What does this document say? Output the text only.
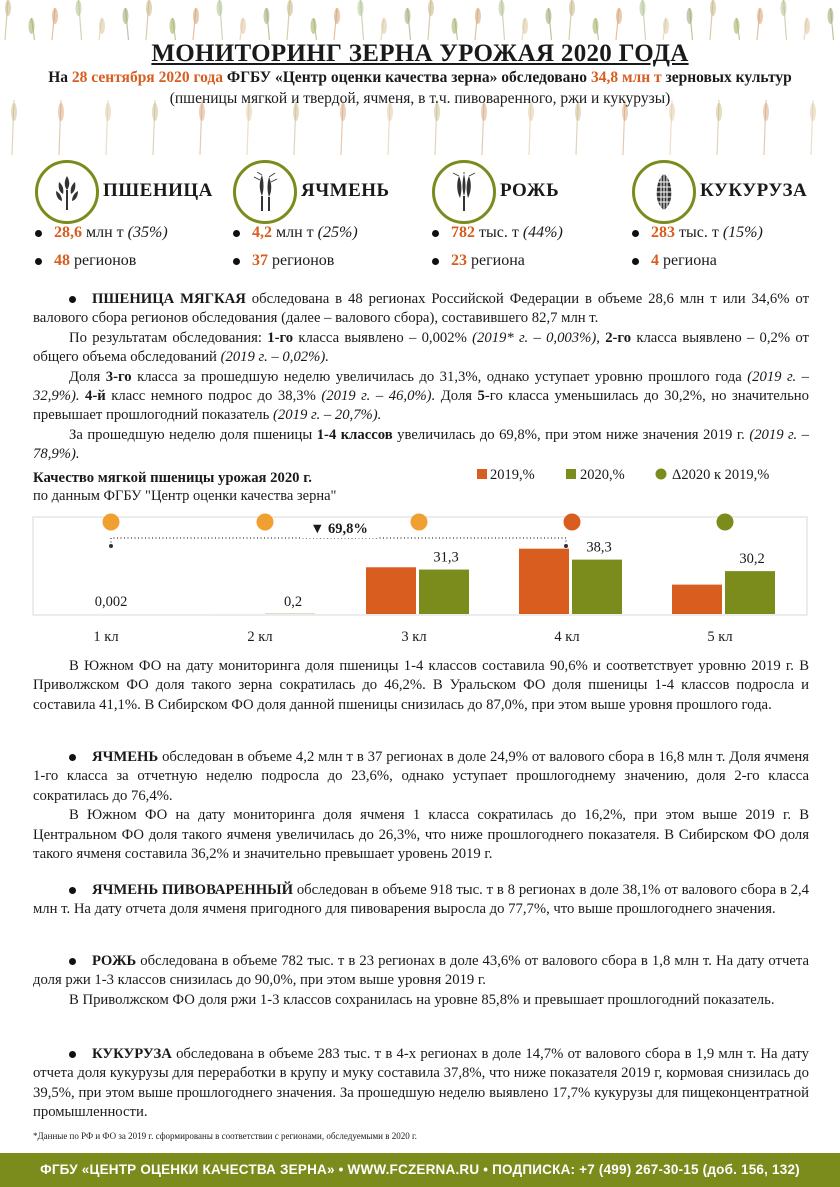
МОНИТОРИНГ ЗЕРНА УРОЖАЯ 2020 ГОДА
На 28 сентября 2020 года ФГБУ «Центр оценки качества зерна» обследовано 34,8 млн т зерновых культур
(пшеницы мягкой и твердой, ячменя, в т.ч. пивоваренного, ржи и кукурузы)
ПШЕНИЦА
28,6 млн т (35%)
48 регионов
ЯЧМЕНЬ
4,2 млн т (25%)
37 регионов
РОЖЬ
782 тыс. т (44%)
23 региона
КУКУРУЗА
283 тыс. т (15%)
4 региона

ПШЕНИЦА МЯГКАЯ обследована в 48 регионах Российской Федерации в объеме 28,6 млн т или 34,6% от валового сбора регионов обследования (далее – валового сбора), составившего 82,7 млн т.

По результатам обследования: 1-го класса выявлено – 0,002% (2019* г. – 0,003%), 2-го класса выявлено – 0,2% от общего объема обследований (2019 г. – 0,02%).

Доля 3-го класса за прошедшую неделю увеличилась до 31,3%, однако уступает уровню прошлого года (2019 г. – 32,9%). 4-й класс немного подрос до 38,3% (2019 г. – 46,0%). Доля 5-го класса уменьшилась до 30,2%, но значительно превышает прошлогодний показатель (2019 г. – 20,7%).

За прошедшую неделю доля пшеницы 1-4 классов увеличилась до 69,8%, при этом ниже значения 2019 г. (2019 г. – 78,9%).

Качество мягкой пшеницы урожая 2020 г.
по данным ФГБУ "Центр оценки качества зерна"
2019,%	2020,%	Δ2020 к 2019,%
0,002
1 кл
0,2
2 кл
31,3
3 кл
38,3
4 кл
30,2
5 кл
▼ 69,8%

В Южном ФО на дату мониторинга доля пшеницы 1-4 классов составила 90,6% и соответствует уровню 2019 г. В Приволжском ФО доля такого зерна сократилась до 46,2%. В Уральском ФО доля пшеницы 1-4 классов подросла и составила 41,1%. В Сибирском ФО доля данной пшеницы снизилась до 87,0%, при этом выше уровня прошлого года.

ЯЧМЕНЬ обследован в объеме 4,2 млн т в 37 регионах в доле 24,9% от валового сбора в 16,8 млн т. Доля ячменя 1-го класса за отчетную неделю подросла до 23,6%, однако уступает прошлогоднему значению, доля 2-го класса сократилась до 76,4%.

В Южном ФО на дату мониторинга доля ячменя 1 класса сократилась до 16,2%, при этом выше 2019 г. В Центральном ФО доля такого ячменя увеличилась до 26,3%, что ниже прошлогоднего показателя. В Сибирском ФО доля такого ячменя составила 36,2% и значительно превышает уровень 2019 г.

ЯЧМЕНЬ ПИВОВАРЕННЫЙ обследован в объеме 918 тыс. т в 8 регионах в доле 38,1% от валового сбора в 2,4 млн т. На дату отчета доля ячменя пригодного для пивоварения выросла до 77,7%, что выше прошлогоднего значения.

РОЖЬ обследована в объеме 782 тыс. т в 23 регионах в доле 43,6% от валового сбора в 1,8 млн т. На дату отчета доля ржи 1-3 классов снизилась до 90,0%, при этом выше уровня 2019 г.

В Приволжском ФО доля ржи 1-3 классов сохранилась на уровне 85,8% и превышает прошлогодний показатель.

КУКУРУЗА обследована в объеме 283 тыс. т в 4-х регионах в доле 14,7% от валового сбора в 1,9 млн т. На дату отчета доля кукурузы для переработки в крупу и муку составила 37,8%, что ниже показателя 2019 г, кормовая снизилась до 39,5%, при этом выше прошлогоднего значения. За прошедшую неделю выявлено 17,7% кукурузы для пищеконцентратной промышленности.

*Данные по РФ и ФО за 2019 г. сформированы в соответствии с регионами, обследуемыми в 2020 г.
ФГБУ «ЦЕНТР ОЦЕНКИ КАЧЕСТВА ЗЕРНА» • WWW.FCZERNA.RU • ПОДПИСКА: +7 (499) 267-30-15 (доб. 156, 132)
